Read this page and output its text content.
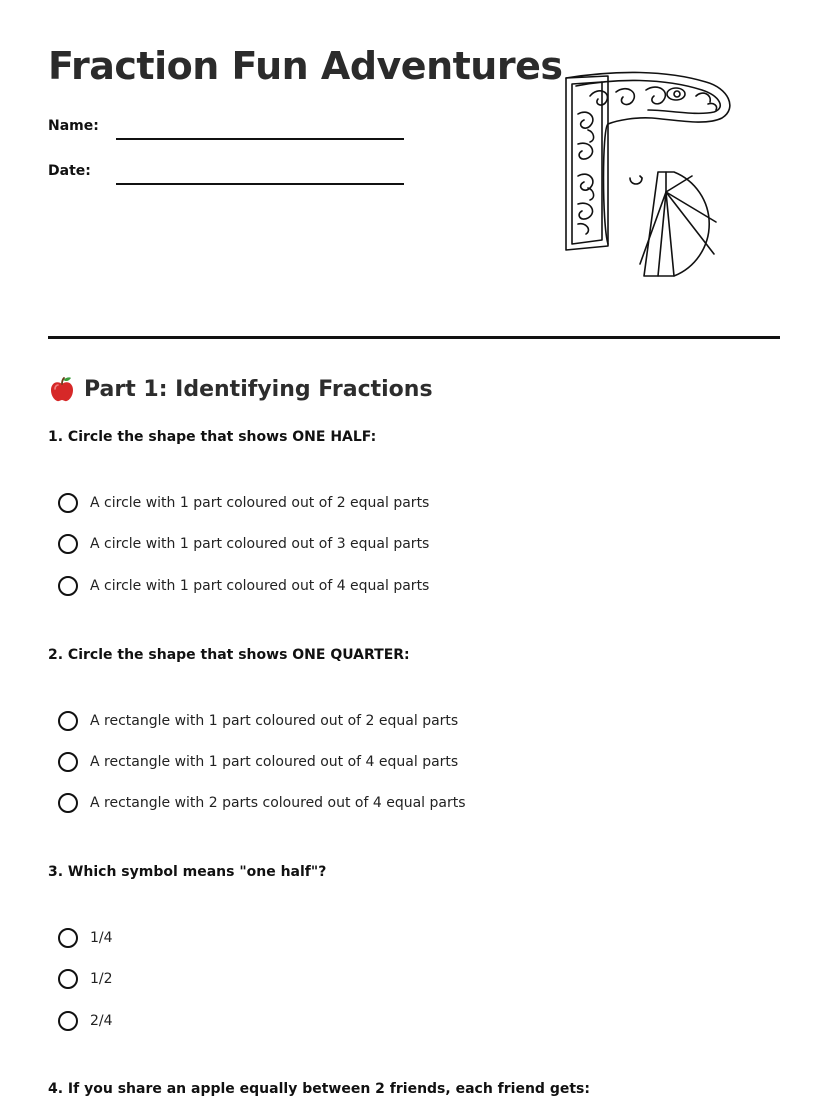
Fraction Fun Adventures
Name:
Date:
Part 1: Identifying Fractions
1. Circle the shape that shows ONE HALF:
A circle with 1 part coloured out of 2 equal parts
A circle with 1 part coloured out of 3 equal parts
A circle with 1 part coloured out of 4 equal parts
2. Circle the shape that shows ONE QUARTER:
A rectangle with 1 part coloured out of 2 equal parts
A rectangle with 1 part coloured out of 4 equal parts
A rectangle with 2 parts coloured out of 4 equal parts
3. Which symbol means "one half"?
1/4
1/2
2/4
4. If you share an apple equally between 2 friends, each friend gets:
